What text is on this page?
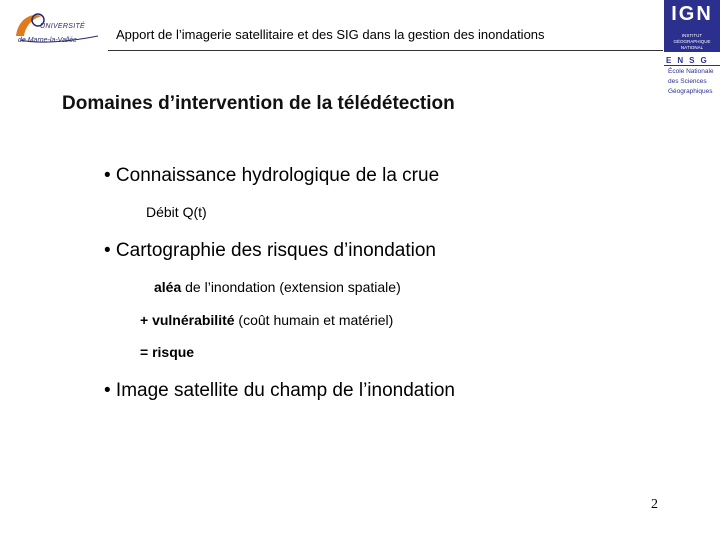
UNIVERSITÉ
de Marne-la-Vallée	Apport de l’imagerie satellitaire et des SIG dans la gestion des inondations
IGN
INSTITUT
GÉOGRAPHIQUE
NATIONAL
ENSG
École Nationale
des Sciences
Géographiques
Domaines d’intervention de la télédétection
• Connaissance hydrologique de la crue
Débit Q(t)
• Cartographie des risques d’inondation
aléa de l’inondation (extension spatiale)
+ vulnérabilité (coût humain et matériel)
= risque
• Image satellite du champ de l’inondation
2
